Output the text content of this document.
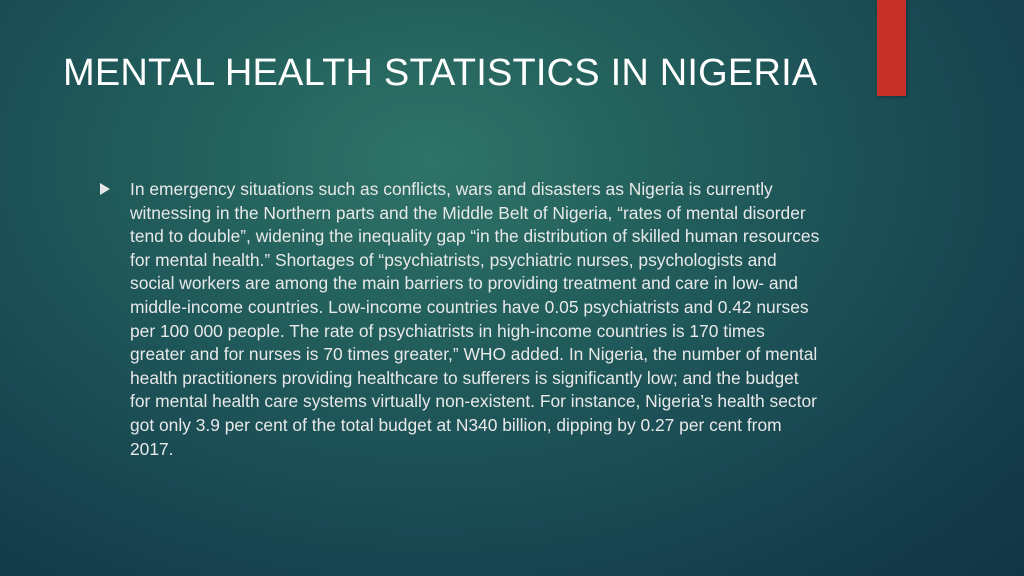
MENTAL HEALTH STATISTICS IN NIGERIA

In emergency situations such as conflicts, wars and disasters as Nigeria is currently witnessing in the Northern parts and the Middle Belt of Nigeria, “rates of mental disorder tend to double”, widening the inequality gap “in the distribution of skilled human resources for mental health.” Shortages of “psychiatrists, psychiatric nurses, psychologists and social workers are among the main barriers to providing treatment and care in low- and middle-income countries. Low-income countries have 0.05 psychiatrists and 0.42 nurses per 100 000 people. The rate of psychiatrists in high-income countries is 170 times greater and for nurses is 70 times greater,” WHO added. In Nigeria, the number of mental health practitioners providing healthcare to sufferers is significantly low; and the budget for mental health care systems virtually non-existent. For instance, Nigeria’s health sector got only 3.9 per cent of the total budget at N340 billion, dipping by 0.27 per cent from 2017.
